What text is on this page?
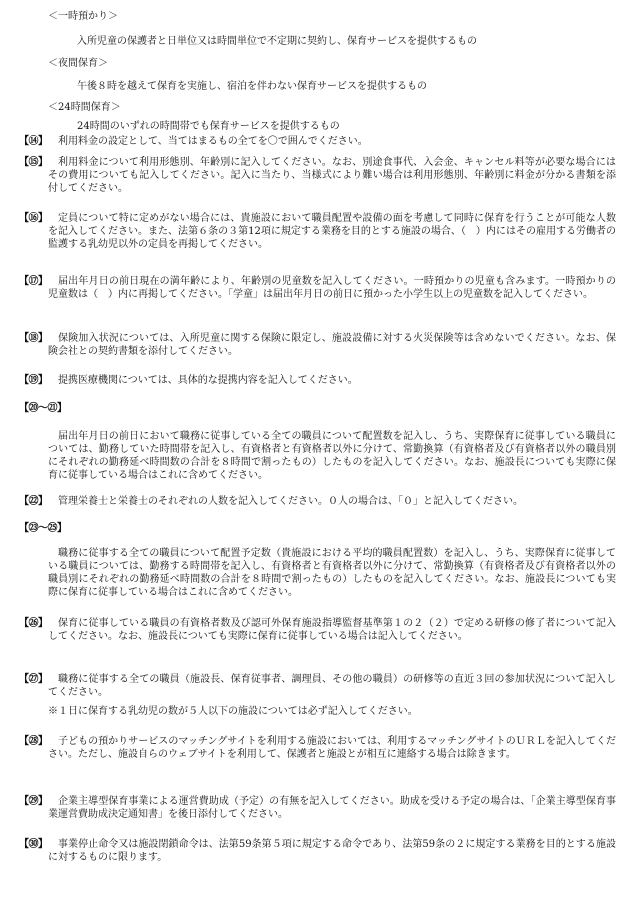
＜一時預かり＞
入所児童の保護者と日単位又は時間単位で不定期に契約し、保育サービスを提供するもの
＜夜間保育＞
午後８時を越えて保育を実施し、宿泊を伴わない保育サービスを提供するもの
＜24時間保育＞
24時間のいずれの時間帯でも保育サービスを提供するもの
【⑭】	利用料金の設定として、当てはまるもの全てを〇で囲んでください。
【⑮】	利用料金について利用形態別、年齢別に記入してください。なお、別途食事代、入会金、キャンセル料等が必要な場合にはその費用についても記入してください。記入に当たり、当様式により難い場合は利用形態別、年齢別に料金が分かる書類を添付してください。
【⑯】	定員について特に定めがない場合には、貴施設において職員配置や設備の面を考慮して同時に保育を行うことが可能な人数を記入してください。また、法第６条の３第12項に規定する業務を目的とする施設の場合、（　）内にはその雇用する労働者の監護する乳幼児以外の定員を再掲してください。
【⑰】	届出年月日の前日現在の満年齢により、年齢別の児童数を記入してください。一時預かりの児童も含みます。一時預かりの児童数は（　）内に再掲してください。「学童」は届出年月日の前日に預かった小学生以上の児童数を記入してください。
【⑱】	保険加入状況については、入所児童に関する保険に限定し、施設設備に対する火災保険等は含めないでください。なお、保険会社との契約書類を添付してください。
【⑲】	提携医療機関については、具体的な提携内容を記入してください。
【⑳～㉑】
届出年月日の前日において職務に従事している全ての職員について配置数を記入し、うち、実際保育に従事している職員については、勤務していた時間帯を記入し、有資格者と有資格者以外に分けて、常勤換算（有資格者及び有資格者以外の職員別にそれぞれの勤務延べ時間数の合計を８時間で割ったもの）したものを記入してください。なお、施設長についても実際に保育に従事している場合はこれに含めてください。
【㉒】	管理栄養士と栄養士のそれぞれの人数を記入してください。０人の場合は、「０」と記入してください。
【㉓～㉕】
職務に従事する全ての職員について配置予定数（貴施設における平均的職員配置数）を記入し、うち、実際保育に従事している職員については、勤務する時間帯を記入し、有資格者と有資格者以外に分けて、常勤換算（有資格者及び有資格者以外の職員別にそれぞれの勤務延べ時間数の合計を８時間で割ったもの）したものを記入してください。なお、施設長についても実際に保育に従事している場合はこれに含めてください。
【㉖】	保育に従事している職員の有資格者数及び認可外保育施設指導監督基準第１の２（２）で定める研修の修了者について記入してください。なお、施設長についても実際に保育に従事している場合は記入してください。
【㉗】	職務に従事する全ての職員（施設長、保育従事者、調理員、その他の職員）の研修等の直近３回の参加状況について記入してください。
※１日に保育する乳幼児の数が５人以下の施設については必ず記入してください。
【㉘】	子どもの預かりサービスのマッチングサイトを利用する施設においては、利用するマッチングサイトのＵＲＬを記入してください。ただし、施設自らのウェブサイトを利用して、保護者と施設とが相互に連絡する場合は除きます。
【㉙】	企業主導型保育事業による運営費助成（予定）の有無を記入してください。助成を受ける予定の場合は、「企業主導型保育事業運営費助成決定通知書」を後日添付してください。
【㉚】	事業停止命令又は施設閉鎖命令は、法第59条第５項に規定する命令であり、法第59条の２に規定する業務を目的とする施設に対するものに限ります。
